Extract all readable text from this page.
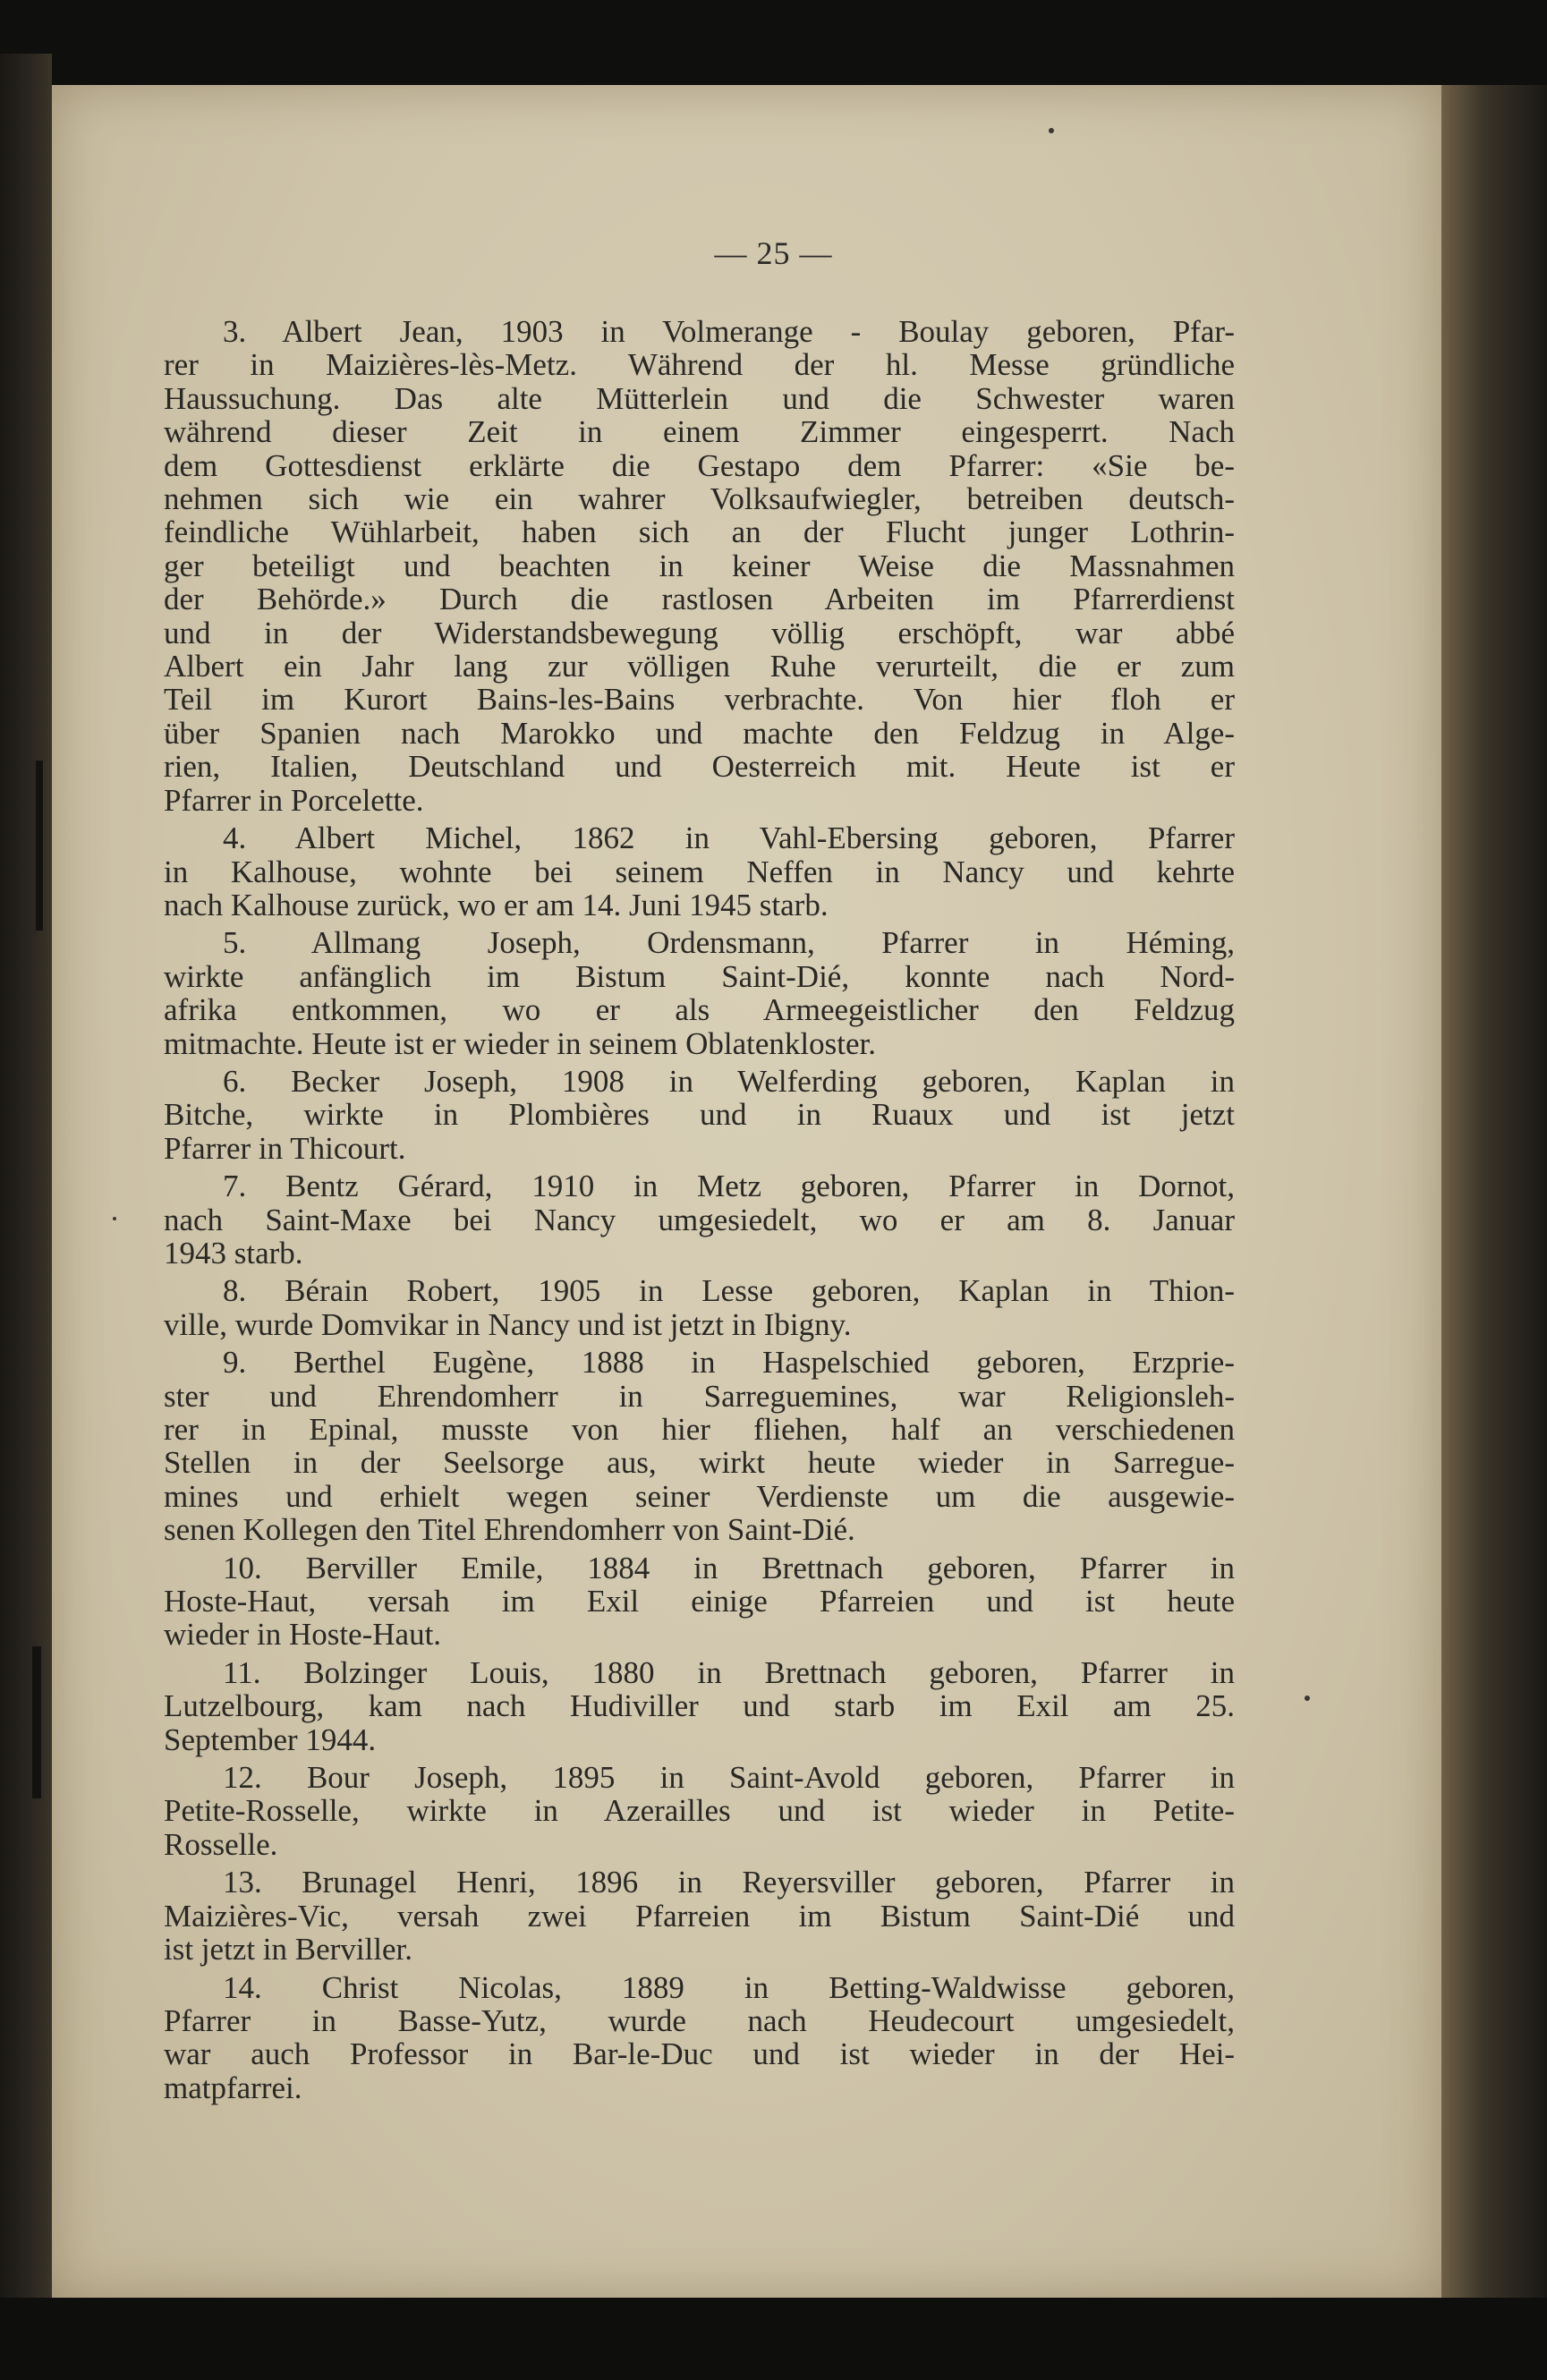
— 25 —
3. Albert Jean, 1903 in Volmerange - Boulay geboren, Pfar-
rer in Maizières-lès-Metz. Während der hl. Messe gründliche
Haussuchung. Das alte Mütterlein und die Schwester waren
während dieser Zeit in einem Zimmer eingesperrt. Nach
dem Gottesdienst erklärte die Gestapo dem Pfarrer: «Sie be-
nehmen sich wie ein wahrer Volksaufwiegler, betreiben deutsch-
feindliche Wühlarbeit, haben sich an der Flucht junger Lothrin-
ger beteiligt und beachten in keiner Weise die Massnahmen
der Behörde.» Durch die rastlosen Arbeiten im Pfarrerdienst
und in der Widerstandsbewegung völlig erschöpft, war abbé
Albert ein Jahr lang zur völligen Ruhe verurteilt, die er zum
Teil im Kurort Bains-les-Bains verbrachte. Von hier floh er
über Spanien nach Marokko und machte den Feldzug in Alge-
rien, Italien, Deutschland und Oesterreich mit. Heute ist er
Pfarrer in Porcelette.
4. Albert Michel, 1862 in Vahl-Ebersing geboren, Pfarrer
in Kalhouse, wohnte bei seinem Neffen in Nancy und kehrte
nach Kalhouse zurück, wo er am 14. Juni 1945 starb.
5. Allmang Joseph, Ordensmann, Pfarrer in Héming,
wirkte anfänglich im Bistum Saint-Dié, konnte nach Nord-
afrika entkommen, wo er als Armeegeistlicher den Feldzug
mitmachte. Heute ist er wieder in seinem Oblatenkloster.
6. Becker Joseph, 1908 in Welferding geboren, Kaplan in
Bitche, wirkte in Plombières und in Ruaux und ist jetzt
Pfarrer in Thicourt.
7. Bentz Gérard, 1910 in Metz geboren, Pfarrer in Dornot,
nach Saint-Maxe bei Nancy umgesiedelt, wo er am 8. Januar
1943 starb.
8. Bérain Robert, 1905 in Lesse geboren, Kaplan in Thion-
ville, wurde Domvikar in Nancy und ist jetzt in Ibigny.
9. Berthel Eugène, 1888 in Haspelschied geboren, Erzprie-
ster und Ehrendomherr in Sarreguemines, war Religionsleh-
rer in Epinal, musste von hier fliehen, half an verschiedenen
Stellen in der Seelsorge aus, wirkt heute wieder in Sarregue-
mines und erhielt wegen seiner Verdienste um die ausgewie-
senen Kollegen den Titel Ehrendomherr von Saint-Dié.
10. Berviller Emile, 1884 in Brettnach geboren, Pfarrer in
Hoste-Haut, versah im Exil einige Pfarreien und ist heute
wieder in Hoste-Haut.
11. Bolzinger Louis, 1880 in Brettnach geboren, Pfarrer in
Lutzelbourg, kam nach Hudiviller und starb im Exil am 25.
September 1944.
12. Bour Joseph, 1895 in Saint-Avold geboren, Pfarrer in
Petite-Rosselle, wirkte in Azerailles und ist wieder in Petite-
Rosselle.
13. Brunagel Henri, 1896 in Reyersviller geboren, Pfarrer in
Maizières-Vic, versah zwei Pfarreien im Bistum Saint-Dié und
ist jetzt in Berviller.
14. Christ Nicolas, 1889 in Betting-Waldwisse geboren,
Pfarrer in Basse-Yutz, wurde nach Heudecourt umgesiedelt,
war auch Professor in Bar-le-Duc und ist wieder in der Hei-
matpfarrei.
